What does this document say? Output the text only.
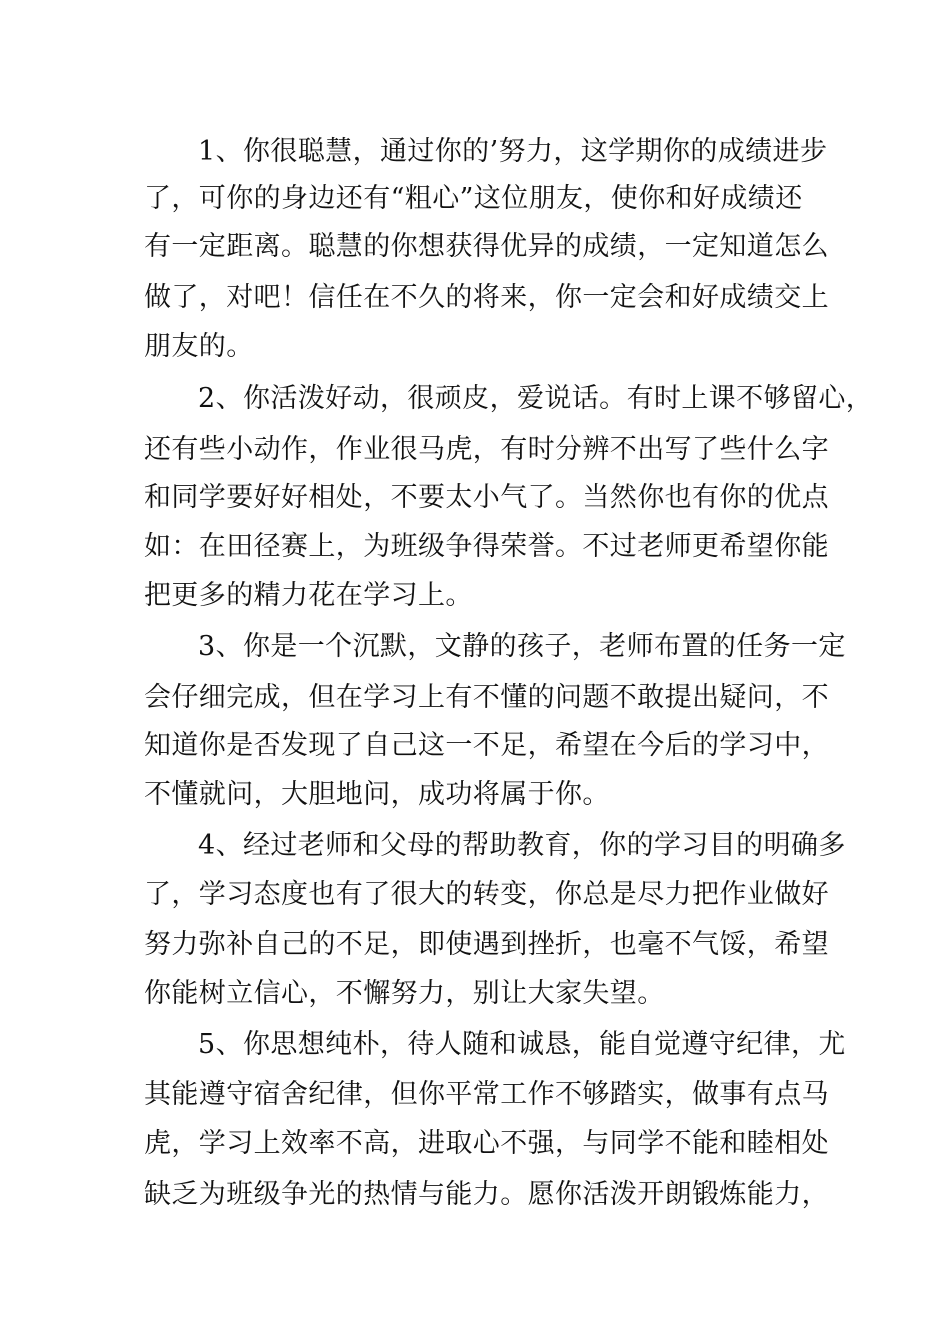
1、你很聪慧，通过你的’努力，这学期你的成绩进步
了，可你的身边还有“粗心”这位朋友，使你和好成绩还
有一定距离。聪慧的你想获得优异的成绩，一定知道怎么
做了，对吧！信任在不久的将来，你一定会和好成绩交上
朋友的。
2、你活泼好动，很顽皮，爱说话。有时上课不够留心，
还有些小动作，作业很马虎，有时分辨不出写了些什么字
和同学要好好相处，不要太小气了。当然你也有你的优点
如：在田径赛上，为班级争得荣誉。不过老师更希望你能
把更多的精力花在学习上。
3、你是一个沉默，文静的孩子，老师布置的任务一定
会仔细完成，但在学习上有不懂的问题不敢提出疑问，不
知道你是否发现了自己这一不足，希望在今后的学习中，
不懂就问，大胆地问，成功将属于你。
4、经过老师和父母的帮助教育，你的学习目的明确多
了，学习态度也有了很大的转变，你总是尽力把作业做好
努力弥补自己的不足，即使遇到挫折，也毫不气馁，希望
你能树立信心，不懈努力，别让大家失望。
5、你思想纯朴，待人随和诚恳，能自觉遵守纪律，尤
其能遵守宿舍纪律，但你平常工作不够踏实，做事有点马
虎，学习上效率不高，进取心不强，与同学不能和睦相处
缺乏为班级争光的热情与能力。愿你活泼开朗锻炼能力，
